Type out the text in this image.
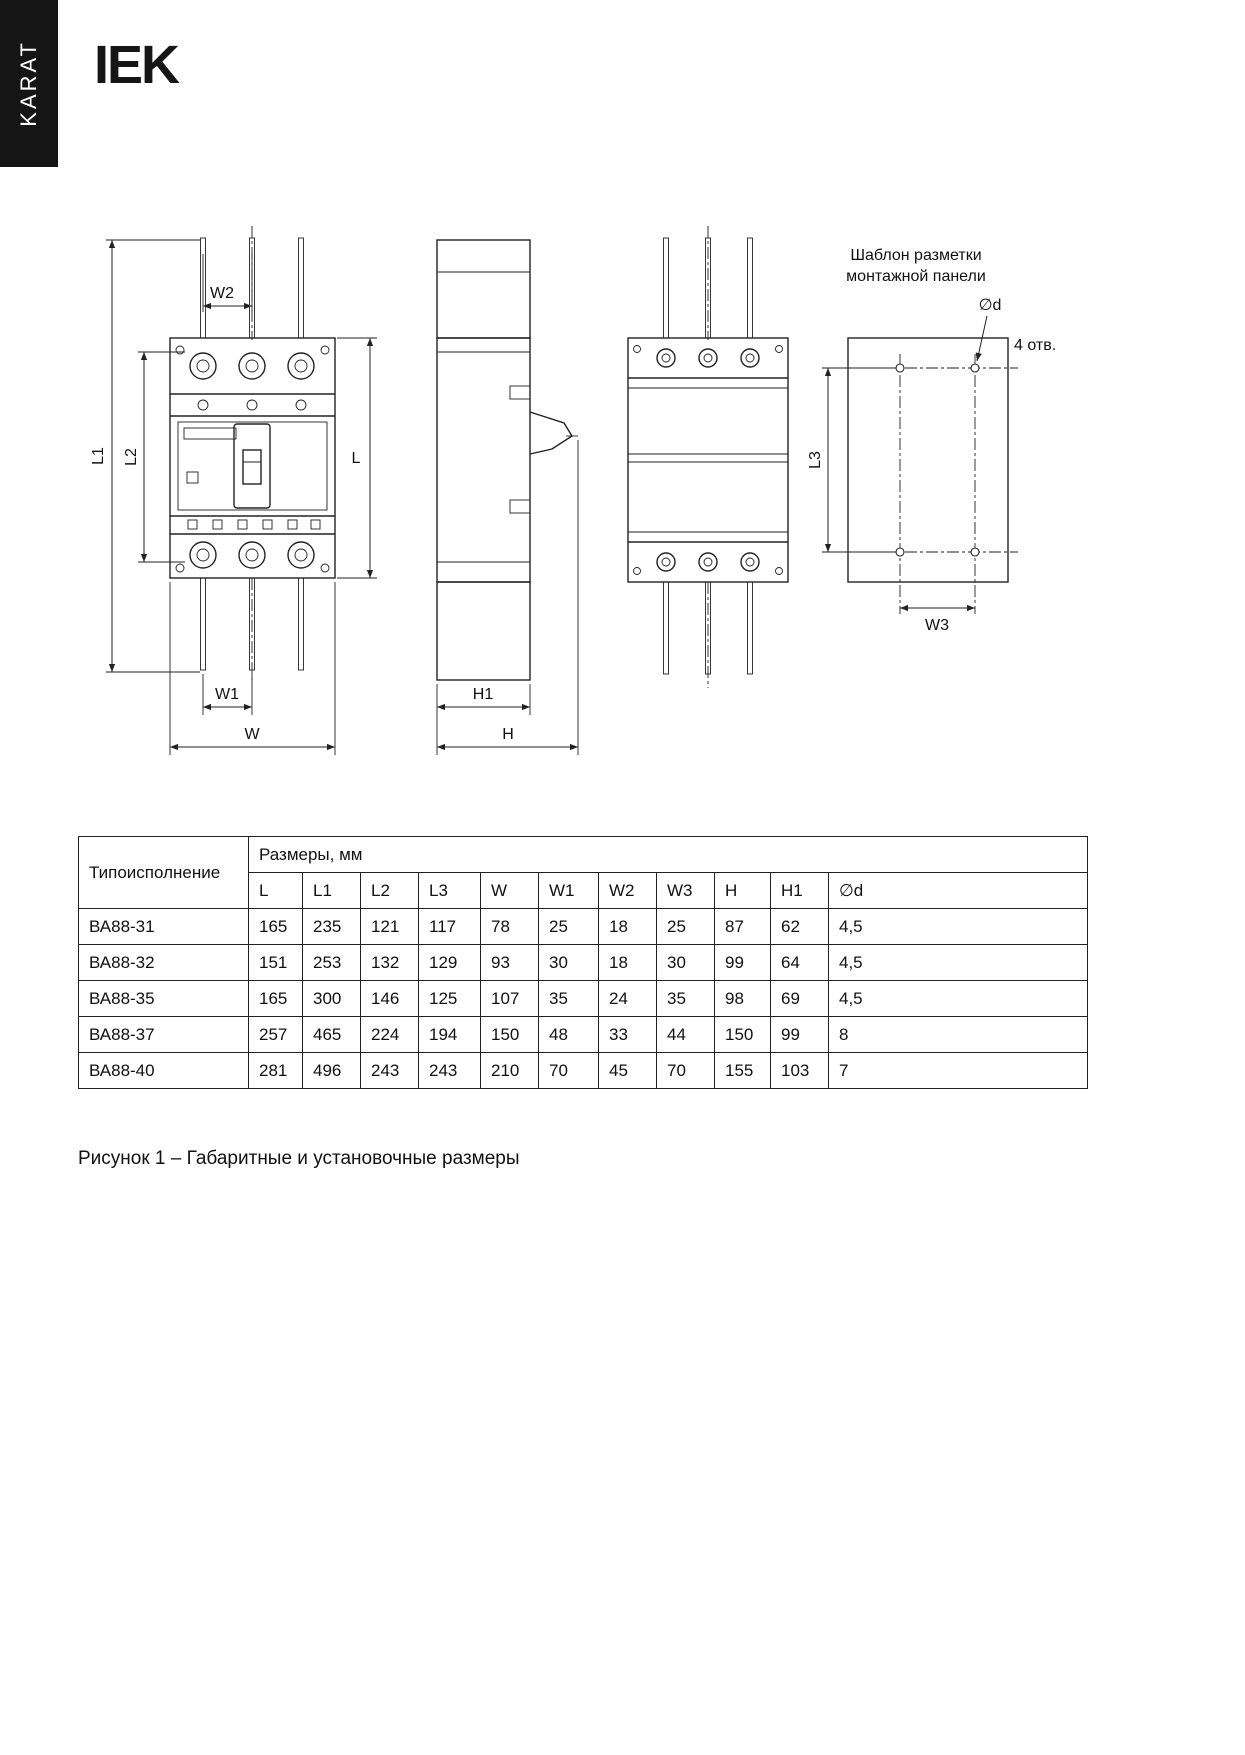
KARAT IEK
W2
L1 L2	L
W1
W
H1
H
Шаблон разметки
монтажной панели
∅d
4 отв.
L3
W3
Типоисполнение	Размеры, мм										
	L	L1	L2	L3	W	W1	W2	W3	H	H1	∅d
ВА88-31	165	235	121	117	78	25	18	25	87	62	4,5
ВА88-32	151	253	132	129	93	30	18	30	99	64	4,5
ВА88-35	165	300	146	125	107	35	24	35	98	69	4,5
ВА88-37	257	465	224	194	150	48	33	44	150	99	8
ВА88-40	281	496	243	243	210	70	45	70	155	103	7
Рисунок 1 – Габаритные и установочные размеры
